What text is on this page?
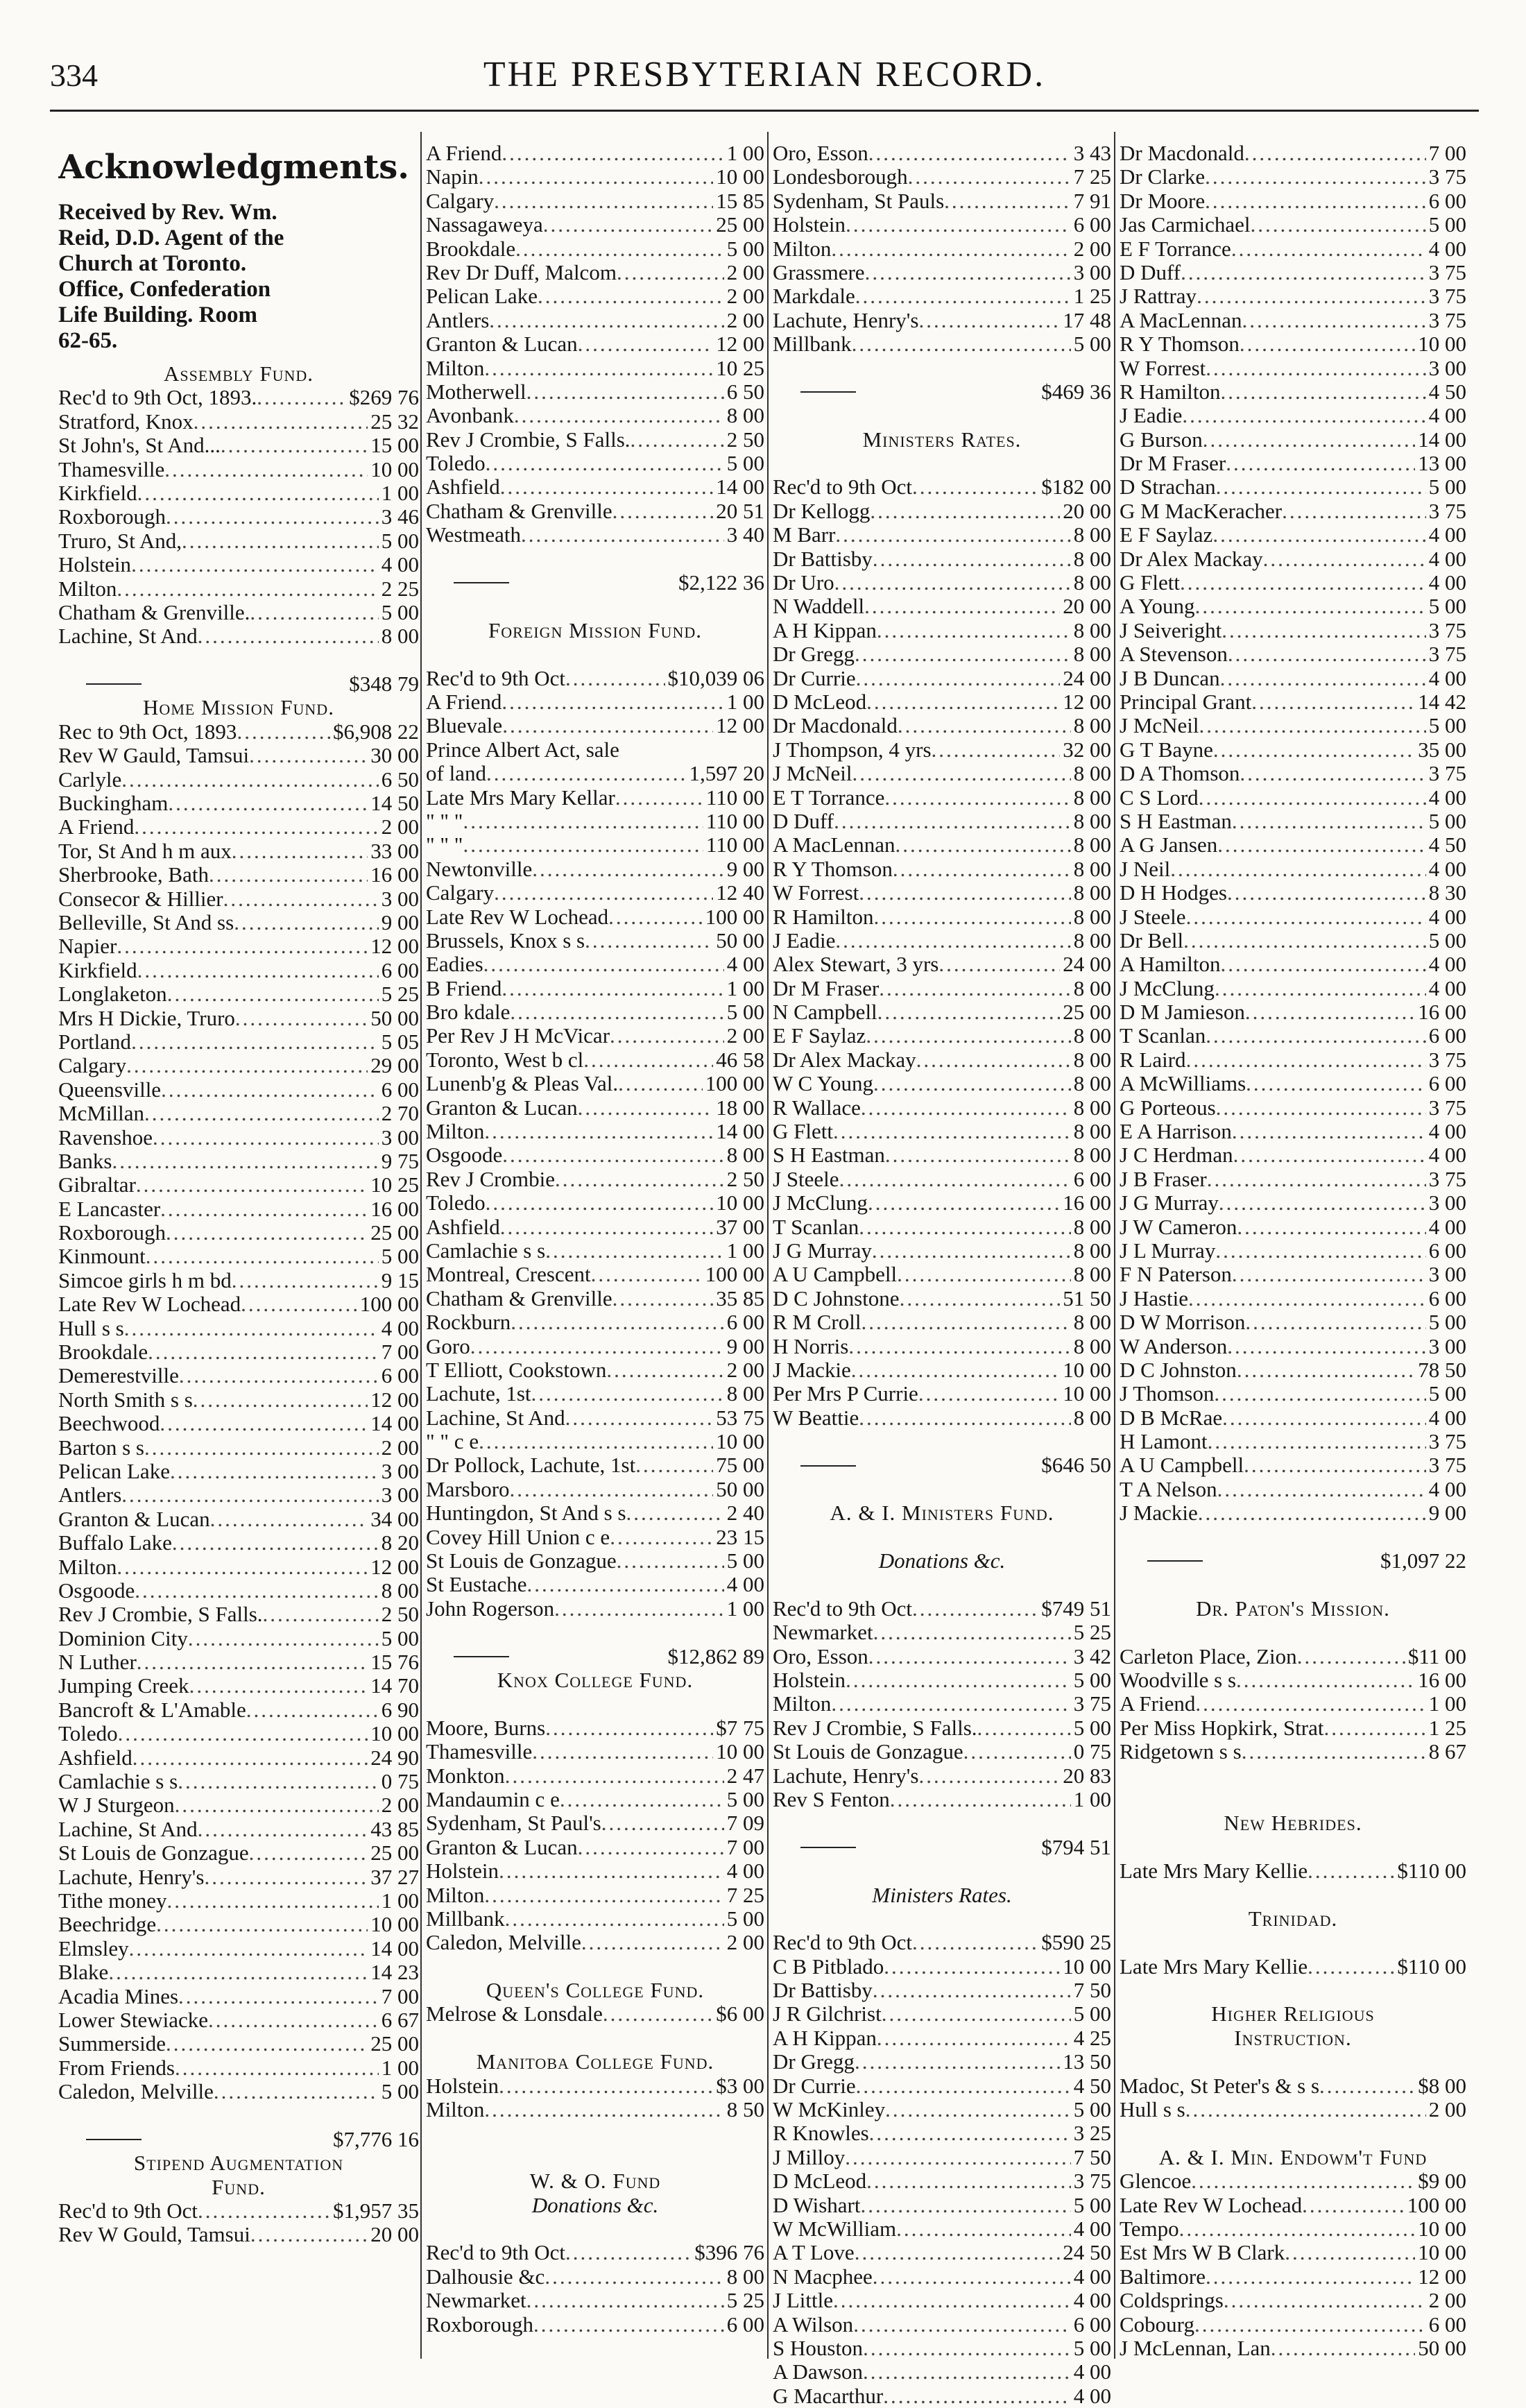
334	THE PRESBYTERIAN RECORD.
Acknowledgments.
Received by Rev. Wm.
Reid, D.D. Agent of the
Church at Toronto.
Office, Confederation
Life Building. Room
62-65.
Assembly Fund.
Rec'd to 9th Oct, 1893. .....	$269 76
Stratford, Knox .....	25 32
St John's, St And... .....	15 00
Thamesville .....	10 00
Kirkfield .....	1 00
Roxborough .....	3 46
Truro, St And, .....	5 00
Holstein .....	4 00
Milton .....	2 25
Chatham & Grenville. .....	5 00
Lachine, St And .....	8 00
$348 79
Home Mission Fund.
Rec to 9th Oct, 1893 .....	$6,908 22
Rev W Gauld, Tamsui .....	30 00
Carlyle .....	6 50
Buckingham .....	14 50
A Friend .....	2 00
Tor, St And h m aux .....	33 00
Sherbrooke, Bath .....	16 00
Consecor & Hillier .....	3 00
Belleville, St And ss .....	9 00
Napier .....	12 00
Kirkfield .....	6 00
Longlaketon .....	5 25
Mrs H Dickie, Truro .....	50 00
Portland .....	5 05
Calgary .....	29 00
Queensville .....	6 00
McMillan .....	2 70
Ravenshoe .....	3 00
Banks .....	9 75
Gibraltar .....	10 25
E Lancaster .....	16 00
Roxborough .....	25 00
Kinmount .....	5 00
Simcoe girls h m bd .....	9 15
Late Rev W Lochead .....	100 00
Hull s s .....	4 00
Brookdale .....	7 00
Demerestville .....	6 00
North Smith s s .....	12 00
Beechwood .....	14 00
Barton s s .....	2 00
Pelican Lake .....	3 00
Antlers .....	3 00
Granton & Lucan .....	34 00
Buffalo Lake .....	8 20
Milton .....	12 00
Osgoode .....	8 00
Rev J Crombie, S Falls. .....	2 50
Dominion City .....	5 00
N Luther .....	15 76
Jumping Creek .....	14 70
Bancroft & L'Amable .....	6 90
Toledo .....	10 00
Ashfield .....	24 90
Camlachie s s .....	0 75
W J Sturgeon .....	2 00
Lachine, St And .....	43 85
St Louis de Gonzague .....	25 00
Lachute, Henry's .....	37 27
Tithe money .....	1 00
Beechridge .....	10 00
Elmsley .....	14 00
Blake .....	14 23
Acadia Mines .....	7 00
Lower Stewiacke .....	6 67
Summerside .....	25 00
From Friends .....	1 00
Caledon, Melville .....	5 00
$7,776 16
Stipend Augmentation
Fund.
Rec'd to 9th Oct .....	$1,957 35
Rev W Gould, Tamsui .....	20 00
A Friend .....	1 00
Napin .....	10 00
Calgary .....	15 85
Nassagaweya .....	25 00
Brookdale .....	5 00
Rev Dr Duff, Malcom .....	2 00
Pelican Lake .....	2 00
Antlers .....	2 00
Granton & Lucan .....	12 00
Milton .....	10 25
Motherwell .....	6 50
Avonbank .....	8 00
Rev J Crombie, S Falls. .....	2 50
Toledo .....	5 00
Ashfield .....	14 00
Chatham & Grenville .....	20 51
Westmeath .....	3 40
$2,122 36
Foreign Mission Fund.
Rec'd to 9th Oct .....	$10,039 06
A Friend .....	1 00
Bluevale .....	12 00
Prince Albert Act, sale
of land .....	1,597 20
Late Mrs Mary Kellar .....	110 00
" " " .....	110 00
" " " .....	110 00
Newtonville .....	9 00
Calgary .....	12 40
Late Rev W Lochead .....	100 00
Brussels, Knox s s .....	50 00
Eadies .....	4 00
B Friend .....	1 00
Bro kdale .....	5 00
Per Rev J H McVicar .....	2 00
Toronto, West b cl .....	46 58
Lunenb'g & Pleas Val. .....	100 00
Granton & Lucan .....	18 00
Milton .....	14 00
Osgoode .....	8 00
Rev J Crombie .....	2 50
Toledo .....	10 00
Ashfield .....	37 00
Camlachie s s .....	1 00
Montreal, Crescent .....	100 00
Chatham & Grenville .....	35 85
Rockburn .....	6 00
Goro .....	9 00
T Elliott, Cookstown .....	2 00
Lachute, 1st .....	8 00
Lachine, St And .....	53 75
" " c e .....	10 00
Dr Pollock, Lachute, 1st .....	75 00
Marsboro .....	50 00
Huntingdon, St And s s .....	2 40
Covey Hill Union c e .....	23 15
St Louis de Gonzague .....	5 00
St Eustache .....	4 00
John Rogerson .....	1 00
$12,862 89
Knox College Fund.
Moore, Burns .....	$7 75
Thamesville .....	10 00
Monkton .....	2 47
Mandaumin c e .....	5 00
Sydenham, St Paul's .....	7 09
Granton & Lucan .....	7 00
Holstein .....	4 00
Milton .....	7 25
Millbank .....	5 00
Caledon, Melville .....	2 00
Queen's College Fund.
Melrose & Lonsdale .....	$6 00
Manitoba College Fund.
Holstein .....	$3 00
Milton .....	8 50
W. & O. Fund
Donations &c.
Rec'd to 9th Oct .....	$396 76
Dalhousie &c .....	8 00
Newmarket .....	5 25
Roxborough .....	6 00
Oro, Esson .....	3 43
Londesborough .....	7 25
Sydenham, St Pauls .....	7 91
Holstein .....	6 00
Milton .....	2 00
Grassmere .....	3 00
Markdale .....	1 25
Lachute, Henry's .....	17 48
Millbank .....	5 00
$469 36
Ministers Rates.
Rec'd to 9th Oct .....	$182 00
Dr Kellogg .....	20 00
M Barr .....	8 00
Dr Battisby .....	8 00
Dr Uro .....	8 00
N Waddell .....	20 00
A H Kippan .....	8 00
Dr Gregg .....	8 00
Dr Currie .....	24 00
D McLeod .....	12 00
Dr Macdonald .....	8 00
J Thompson, 4 yrs .....	32 00
J McNeil .....	8 00
E T Torrance .....	8 00
D Duff .....	8 00
A MacLennan .....	8 00
R Y Thomson .....	8 00
W Forrest .....	8 00
R Hamilton .....	8 00
J Eadie .....	8 00
Alex Stewart, 3 yrs .....	24 00
Dr M Fraser .....	8 00
N Campbell .....	25 00
E F Saylaz .....	8 00
Dr Alex Mackay .....	8 00
W C Young .....	8 00
R Wallace .....	8 00
G Flett .....	8 00
S H Eastman .....	8 00
J Steele .....	6 00
J McClung .....	16 00
T Scanlan .....	8 00
J G Murray .....	8 00
A U Campbell .....	8 00
D C Johnstone .....	51 50
R M Croll .....	8 00
H Norris .....	8 00
J Mackie .....	10 00
Per Mrs P Currie .....	10 00
W Beattie .....	8 00
$646 50
A. & I. Ministers Fund.
Donations &c.
Rec'd to 9th Oct .....	$749 51
Newmarket .....	5 25
Oro, Esson .....	3 42
Holstein .....	5 00
Milton .....	3 75
Rev J Crombie, S Falls. .....	5 00
St Louis de Gonzague .....	0 75
Lachute, Henry's .....	20 83
Rev S Fenton .....	1 00
$794 51
Ministers Rates.
Rec'd to 9th Oct .....	$590 25
C B Pitblado .....	10 00
Dr Battisby .....	7 50
J R Gilchrist .....	5 00
A H Kippan .....	4 25
Dr Gregg .....	13 50
Dr Currie .....	4 50
W McKinley .....	5 00
R Knowles .....	3 25
J Milloy .....	7 50
D McLeod .....	3 75
D Wishart .....	5 00
W McWilliam .....	4 00
A T Love .....	24 50
N Macphee .....	4 00
J Little .....	4 00
A Wilson .....	6 00
S Houston .....	5 00
A Dawson .....	4 00
G Macarthur .....	4 00
Dr Macdonald .....	7 00
Dr Clarke .....	3 75
Dr Moore .....	6 00
Jas Carmichael .....	5 00
E F Torrance .....	4 00
D Duff .....	3 75
J Rattray .....	3 75
A MacLennan .....	3 75
R Y Thomson .....	10 00
W Forrest .....	3 00
R Hamilton .....	4 50
J Eadie .....	4 00
G Burson .....	14 00
Dr M Fraser .....	13 00
D Strachan .....	5 00
G M MacKeracher .....	3 75
E F Saylaz .....	4 00
Dr Alex Mackay .....	4 00
G Flett .....	4 00
A Young .....	5 00
J Seiveright .....	3 75
A Stevenson .....	3 75
J B Duncan .....	4 00
Principal Grant .....	14 42
J McNeil .....	5 00
G T Bayne .....	35 00
D A Thomson .....	3 75
C S Lord .....	4 00
S H Eastman .....	5 00
A G Jansen .....	4 50
J Neil .....	4 00
D H Hodges .....	8 30
J Steele .....	4 00
Dr Bell .....	5 00
A Hamilton .....	4 00
J McClung .....	4 00
D M Jamieson .....	16 00
T Scanlan .....	6 00
R Laird .....	3 75
A McWilliams .....	6 00
G Porteous .....	3 75
E A Harrison .....	4 00
J C Herdman .....	4 00
J B Fraser .....	3 75
J G Murray .....	3 00
J W Cameron .....	4 00
J L Murray .....	6 00
F N Paterson .....	3 00
J Hastie .....	6 00
D W Morrison .....	5 00
W Anderson .....	3 00
D C Johnston .....	78 50
J Thomson .....	5 00
D B McRae .....	4 00
H Lamont .....	3 75
A U Campbell .....	3 75
T A Nelson .....	4 00
J Mackie .....	9 00
$1,097 22
Dr. Paton's Mission.
Carleton Place, Zion .....	$11 00
Woodville s s .....	16 00
A Friend .....	1 00
Per Miss Hopkirk, Strat .....	1 25
Ridgetown s s .....	8 67
New Hebrides.
Late Mrs Mary Kellie .....	$110 00
Trinidad.
Late Mrs Mary Kellie .....	$110 00
Higher Religious
Instruction.
Madoc, St Peter's & s s .....	$8 00
Hull s s .....	2 00
A. & I. Min. Endowm't Fund
Glencoe .....	$9 00
Late Rev W Lochead .....	100 00
Tempo .....	10 00
Est Mrs W B Clark .....	10 00
Baltimore .....	12 00
Coldsprings .....	2 00
Cobourg .....	6 00
J McLennan, Lan .....	50 00
